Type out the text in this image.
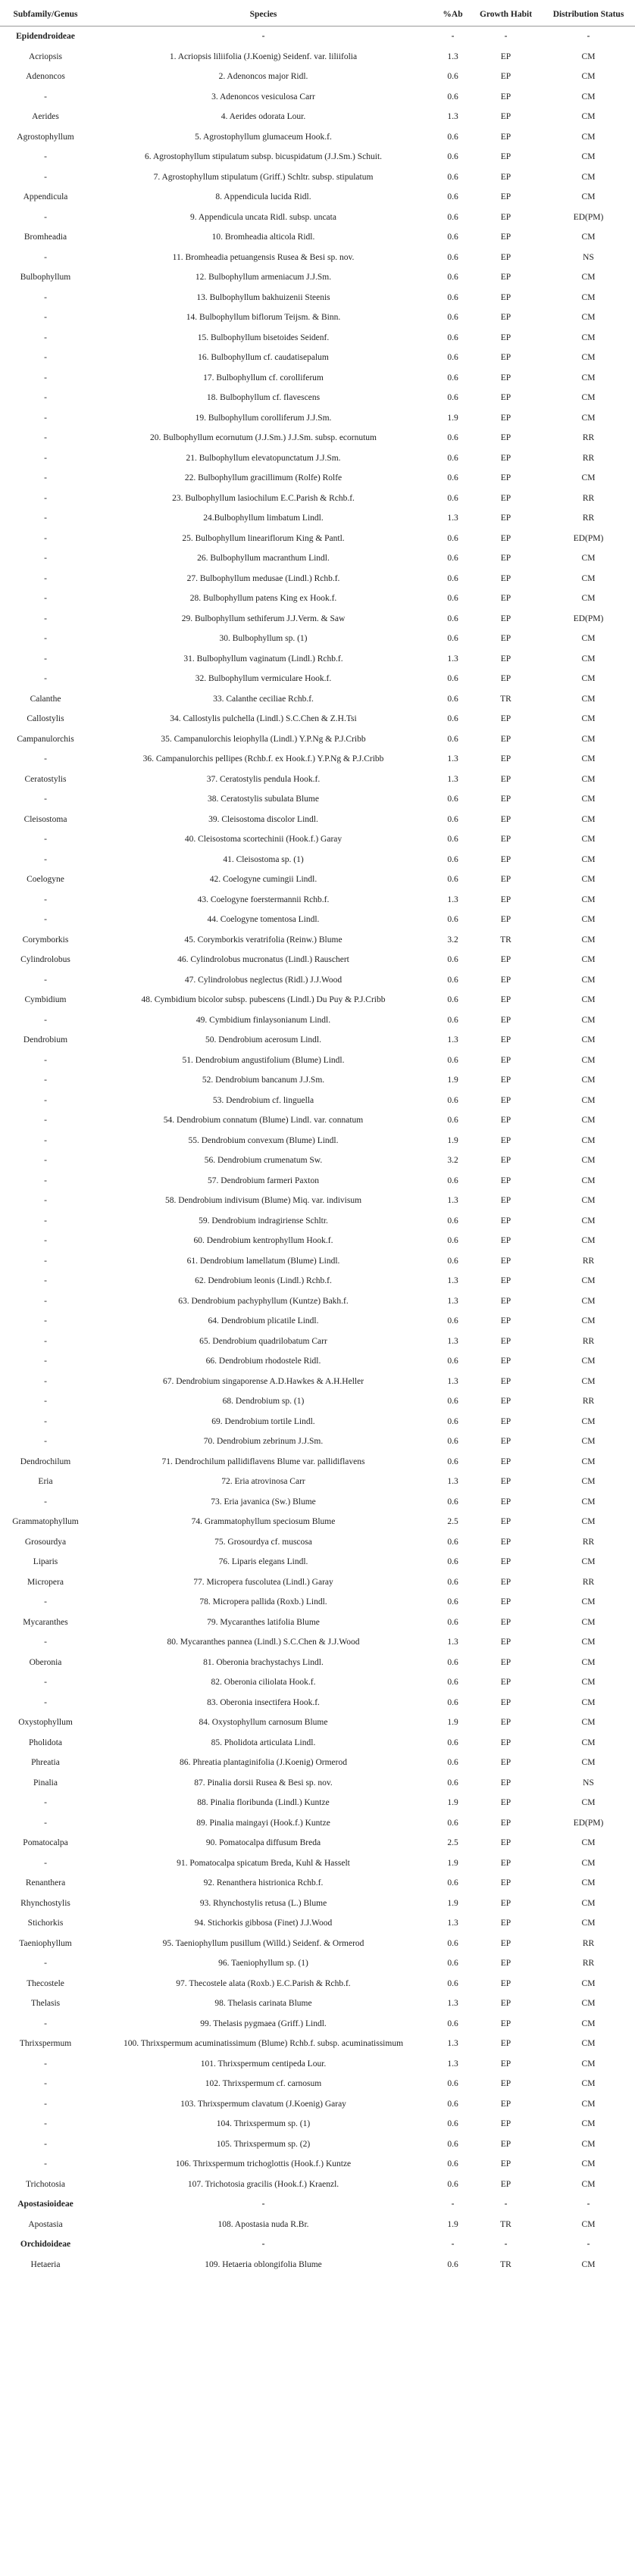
Subfamily/Genus	Species	%Ab	Growth Habit	Distribution Status
Epidendroideae	-	-	-	-
Acriopsis	1. Acriopsis liliifolia (J.Koenig) Seidenf. var. liliifolia	1.3	EP	CM
Adenoncos	2. Adenoncos major Ridl.	0.6	EP	CM
-	3. Adenoncos vesiculosa Carr	0.6	EP	CM
Aerides	4. Aerides odorata Lour.	1.3	EP	CM
Agrostophyllum	5. Agrostophyllum glumaceum Hook.f.	0.6	EP	CM
-	6. Agrostophyllum stipulatum subsp. bicuspidatum (J.J.Sm.) Schuit.	0.6	EP	CM
-	7. Agrostophyllum stipulatum (Griff.) Schltr. subsp. stipulatum	0.6	EP	CM
Appendicula	8. Appendicula lucida Ridl.	0.6	EP	CM
-	9. Appendicula uncata Ridl. subsp. uncata	0.6	EP	ED(PM)
Bromheadia	10. Bromheadia alticola Ridl.	0.6	EP	CM
-	11. Bromheadia petuangensis Rusea & Besi sp. nov.	0.6	EP	NS
Bulbophyllum	12. Bulbophyllum armeniacum J.J.Sm.	0.6	EP	CM
-	13. Bulbophyllum bakhuizenii Steenis	0.6	EP	CM
-	14. Bulbophyllum biflorum Teijsm. & Binn.	0.6	EP	CM
-	15. Bulbophyllum bisetoides Seidenf.	0.6	EP	CM
-	16. Bulbophyllum cf. caudatisepalum	0.6	EP	CM
-	17. Bulbophyllum cf. corolliferum	0.6	EP	CM
-	18. Bulbophyllum cf. flavescens	0.6	EP	CM
-	19. Bulbophyllum corolliferum J.J.Sm.	1.9	EP	CM
-	20. Bulbophyllum ecornutum (J.J.Sm.) J.J.Sm. subsp. ecornutum	0.6	EP	RR
-	21. Bulbophyllum elevatopunctatum J.J.Sm.	0.6	EP	RR
-	22. Bulbophyllum gracillimum (Rolfe) Rolfe	0.6	EP	CM
-	23. Bulbophyllum lasiochilum E.C.Parish & Rchb.f.	0.6	EP	RR
-	24.Bulbophyllum limbatum Lindl.	1.3	EP	RR
-	25. Bulbophyllum lineariflorum King & Pantl.	0.6	EP	ED(PM)
-	26. Bulbophyllum macranthum Lindl.	0.6	EP	CM
-	27. Bulbophyllum medusae (Lindl.) Rchb.f.	0.6	EP	CM
-	28. Bulbophyllum patens King ex Hook.f.	0.6	EP	CM
-	29. Bulbophyllum sethiferum J.J.Verm. & Saw	0.6	EP	ED(PM)
-	30. Bulbophyllum sp. (1)	0.6	EP	CM
-	31. Bulbophyllum vaginatum (Lindl.) Rchb.f.	1.3	EP	CM
-	32. Bulbophyllum vermiculare Hook.f.	0.6	EP	CM
Calanthe	33. Calanthe ceciliae Rchb.f.	0.6	TR	CM
Callostylis	34. Callostylis pulchella (Lindl.) S.C.Chen & Z.H.Tsi	0.6	EP	CM
Campanulorchis	35. Campanulorchis leiophylla (Lindl.) Y.P.Ng & P.J.Cribb	0.6	EP	CM
-	36. Campanulorchis pellipes (Rchb.f. ex Hook.f.) Y.P.Ng & P.J.Cribb	1.3	EP	CM
Ceratostylis	37. Ceratostylis pendula Hook.f.	1.3	EP	CM
-	38. Ceratostylis subulata Blume	0.6	EP	CM
Cleisostoma	39. Cleisostoma discolor Lindl.	0.6	EP	CM
-	40. Cleisostoma scortechinii (Hook.f.) Garay	0.6	EP	CM
-	41. Cleisostoma sp. (1)	0.6	EP	CM
Coelogyne	42. Coelogyne cumingii Lindl.	0.6	EP	CM
-	43. Coelogyne foerstermannii Rchb.f.	1.3	EP	CM
-	44. Coelogyne tomentosa Lindl.	0.6	EP	CM
Corymborkis	45. Corymborkis veratrifolia (Reinw.) Blume	3.2	TR	CM
Cylindrolobus	46. Cylindrolobus mucronatus (Lindl.) Rauschert	0.6	EP	CM
-	47. Cylindrolobus neglectus (Ridl.) J.J.Wood	0.6	EP	CM
Cymbidium	48. Cymbidium bicolor subsp. pubescens (Lindl.) Du Puy & P.J.Cribb	0.6	EP	CM
-	49. Cymbidium finlaysonianum Lindl.	0.6	EP	CM
Dendrobium	50. Dendrobium acerosum Lindl.	1.3	EP	CM
-	51. Dendrobium angustifolium (Blume) Lindl.	0.6	EP	CM
-	52. Dendrobium bancanum J.J.Sm.	1.9	EP	CM
-	53. Dendrobium cf. linguella	0.6	EP	CM
-	54. Dendrobium connatum (Blume) Lindl. var. connatum	0.6	EP	CM
-	55. Dendrobium convexum (Blume) Lindl.	1.9	EP	CM
-	56. Dendrobium crumenatum Sw.	3.2	EP	CM
-	57. Dendrobium farmeri Paxton	0.6	EP	CM
-	58. Dendrobium indivisum (Blume) Miq. var. indivisum	1.3	EP	CM
-	59. Dendrobium indragiriense Schltr.	0.6	EP	CM
-	60. Dendrobium kentrophyllum Hook.f.	0.6	EP	CM
-	61. Dendrobium lamellatum (Blume) Lindl.	0.6	EP	RR
-	62. Dendrobium leonis (Lindl.) Rchb.f.	1.3	EP	CM
-	63. Dendrobium pachyphyllum (Kuntze) Bakh.f.	1.3	EP	CM
-	64. Dendrobium plicatile Lindl.	0.6	EP	CM
-	65. Dendrobium quadrilobatum Carr	1.3	EP	RR
-	66. Dendrobium rhodostele Ridl.	0.6	EP	CM
-	67. Dendrobium singaporense A.D.Hawkes & A.H.Heller	1.3	EP	CM
-	68. Dendrobium sp. (1)	0.6	EP	RR
-	69. Dendrobium tortile Lindl.	0.6	EP	CM
-	70. Dendrobium zebrinum J.J.Sm.	0.6	EP	CM
Dendrochilum	71. Dendrochilum pallidiflavens Blume var. pallidiflavens	0.6	EP	CM
Eria	72. Eria atrovinosa Carr	1.3	EP	CM
-	73. Eria javanica (Sw.) Blume	0.6	EP	CM
Grammatophyllum	74. Grammatophyllum speciosum Blume	2.5	EP	CM
Grosourdya	75. Grosourdya cf. muscosa	0.6	EP	RR
Liparis	76. Liparis elegans Lindl.	0.6	EP	CM
Micropera	77. Micropera fuscolutea (Lindl.) Garay	0.6	EP	RR
-	78. Micropera pallida (Roxb.) Lindl.	0.6	EP	CM
Mycaranthes	79. Mycaranthes latifolia Blume	0.6	EP	CM
-	80. Mycaranthes pannea (Lindl.) S.C.Chen & J.J.Wood	1.3	EP	CM
Oberonia	81. Oberonia brachystachys Lindl.	0.6	EP	CM
-	82. Oberonia ciliolata Hook.f.	0.6	EP	CM
-	83. Oberonia insectifera Hook.f.	0.6	EP	CM
Oxystophyllum	84. Oxystophyllum carnosum Blume	1.9	EP	CM
Pholidota	85. Pholidota articulata Lindl.	0.6	EP	CM
Phreatia	86. Phreatia plantaginifolia (J.Koenig) Ormerod	0.6	EP	CM
Pinalia	87. Pinalia dorsii Rusea & Besi sp. nov.	0.6	EP	NS
-	88. Pinalia floribunda (Lindl.) Kuntze	1.9	EP	CM
-	89. Pinalia maingayi (Hook.f.) Kuntze	0.6	EP	ED(PM)
Pomatocalpa	90. Pomatocalpa diffusum Breda	2.5	EP	CM
-	91. Pomatocalpa spicatum Breda, Kuhl & Hasselt	1.9	EP	CM
Renanthera	92. Renanthera histrionica Rchb.f.	0.6	EP	CM
Rhynchostylis	93. Rhynchostylis retusa (L.) Blume	1.9	EP	CM
Stichorkis	94. Stichorkis gibbosa (Finet) J.J.Wood	1.3	EP	CM
Taeniophyllum	95. Taeniophyllum pusillum (Willd.) Seidenf. & Ormerod	0.6	EP	RR
-	96. Taeniophyllum sp. (1)	0.6	EP	RR
Thecostele	97. Thecostele alata (Roxb.) E.C.Parish & Rchb.f.	0.6	EP	CM
Thelasis	98. Thelasis carinata Blume	1.3	EP	CM
-	99. Thelasis pygmaea (Griff.) Lindl.	0.6	EP	CM
Thrixspermum	100. Thrixspermum acuminatissimum (Blume) Rchb.f. subsp. acuminatissimum	1.3	EP	CM
-	101. Thrixspermum centipeda Lour.	1.3	EP	CM
-	102. Thrixspermum cf. carnosum	0.6	EP	CM
-	103. Thrixspermum clavatum (J.Koenig) Garay	0.6	EP	CM
-	104. Thrixspermum sp. (1)	0.6	EP	CM
-	105. Thrixspermum sp. (2)	0.6	EP	CM
-	106. Thrixspermum trichoglottis (Hook.f.) Kuntze	0.6	EP	CM
Trichotosia	107. Trichotosia gracilis (Hook.f.) Kraenzl.	0.6	EP	CM
Apostasioideae	-	-	-	-
Apostasia	108. Apostasia nuda R.Br.	1.9	TR	CM
Orchidoideae	-	-	-	-
Hetaeria	109. Hetaeria oblongifolia Blume	0.6	TR	CM
